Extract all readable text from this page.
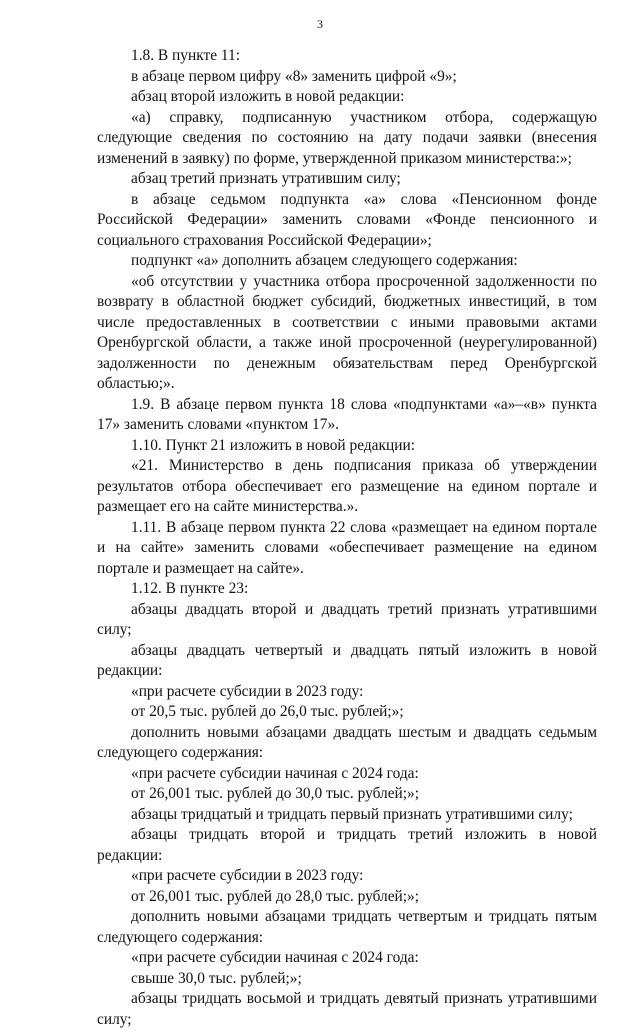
3

1.8. В пункте 11:

в абзаце первом цифру «8» заменить цифрой «9»;

абзац второй изложить в новой редакции:

«а) справку, подписанную участником отбора, содержащую следующие сведения по состоянию на дату подачи заявки (внесения изменений в заявку) по форме, утвержденной приказом министерства:»;

абзац третий признать утратившим силу;

в абзаце седьмом подпункта «а» слова «Пенсионном фонде Российской Федерации» заменить словами «Фонде пенсионного и социального страхования Российской Федерации»;

подпункт «а» дополнить абзацем следующего содержания:

«об отсутствии у участника отбора просроченной задолженности по возврату в областной бюджет субсидий, бюджетных инвестиций, в том числе предоставленных в соответствии с иными правовыми актами Оренбургской области, а также иной просроченной (неурегулированной) задолженности по денежным обязательствам перед Оренбургской областью;».

1.9. В абзаце первом пункта 18 слова «подпунктами «а»–«в» пункта 17» заменить словами «пунктом 17».

1.10. Пункт 21 изложить в новой редакции:

«21. Министерство в день подписания приказа об утверждении результатов отбора обеспечивает его размещение на едином портале и размещает его на сайте министерства.».

1.11. В абзаце первом пункта 22 слова «размещает на едином портале и на сайте» заменить словами «обеспечивает размещение на едином портале и размещает на сайте».

1.12. В пункте 23:

абзацы двадцать второй и двадцать третий признать утратившими силу;

абзацы двадцать четвертый и двадцать пятый изложить в новой редакции:

«при расчете субсидии в 2023 году:

от 20,5 тыс. рублей до 26,0 тыс. рублей;»;

дополнить новыми абзацами двадцать шестым и двадцать седьмым следующего содержания:

«при расчете субсидии начиная с 2024 года:

от 26,001 тыс. рублей до 30,0 тыс. рублей;»;

абзацы тридцатый и тридцать первый признать утратившими силу;

абзацы тридцать второй и тридцать третий изложить в новой редакции:

«при расчете субсидии в 2023 году:

от 26,001 тыс. рублей до 28,0 тыс. рублей;»;

дополнить новыми абзацами тридцать четвертым и тридцать пятым следующего содержания:

«при расчете субсидии начиная с 2024 года:

свыше 30,0 тыс. рублей;»;

абзацы тридцать восьмой и тридцать девятый признать утратившими силу;
